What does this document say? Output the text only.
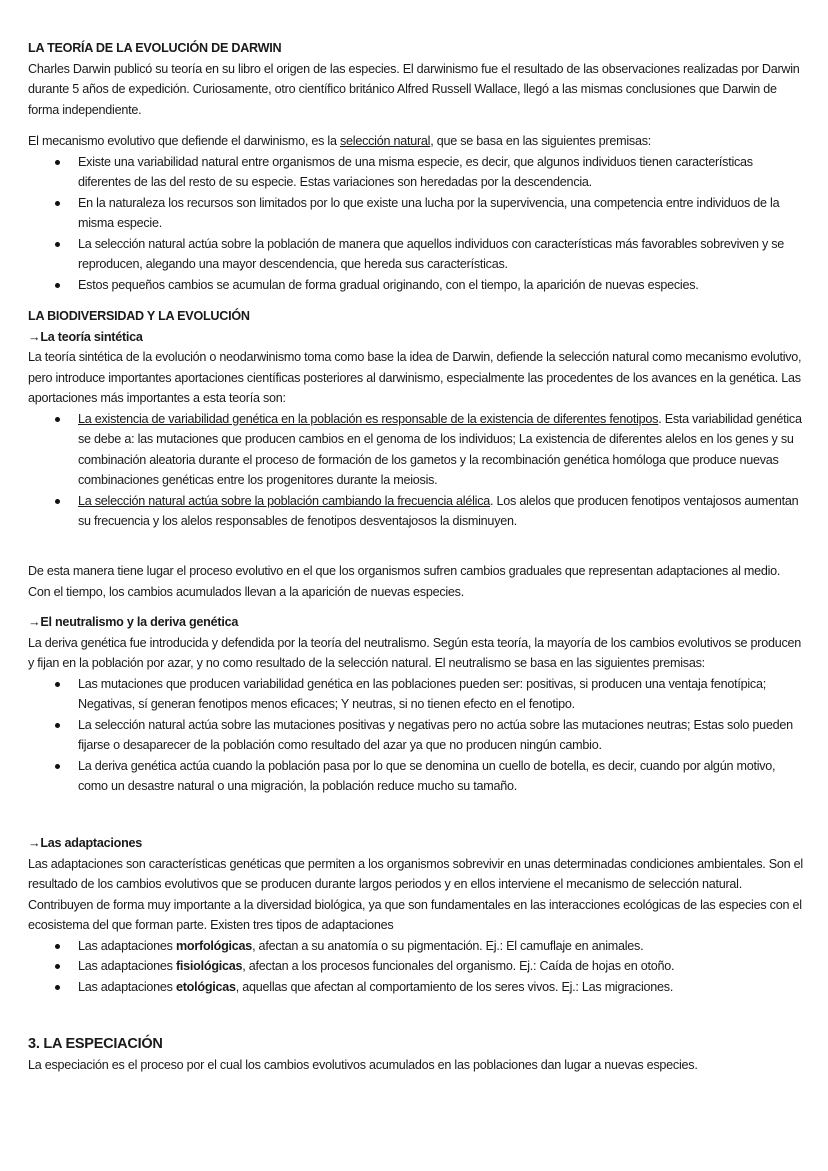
LA TEORÍA DE LA EVOLUCIÓN DE DARWIN

Charles Darwin publicó su teoría en su libro el origen de las especies. El darwinismo fue el resultado de las observaciones realizadas por Darwin durante 5 años de expedición. Curiosamente, otro científico británico Alfred Russell Wallace, llegó a las mismas conclusiones que Darwin de forma independiente.

El mecanismo evolutivo que defiende el darwinismo, es la selección natural, que se basa en las siguientes premisas:

Existe una variabilidad natural entre organismos de una misma especie, es decir, que algunos individuos tienen características diferentes de las del resto de su especie. Estas variaciones son heredadas por la descendencia.
En la naturaleza los recursos son limitados por lo que existe una lucha por la supervivencia, una competencia entre individuos de la misma especie.
La selección natural actúa sobre la población de manera que aquellos individuos con características más favorables sobreviven y se reproducen, alegando una mayor descendencia, que hereda sus características.
Estos pequeños cambios se acumulan de forma gradual originando, con el tiempo, la aparición de nuevas especies.

LA BIODIVERSIDAD Y LA EVOLUCIÓN

→La teoría sintética

La teoría sintética de la evolución o neodarwinismo toma como base la idea de Darwin, defiende la selección natural como mecanismo evolutivo, pero introduce importantes aportaciones científicas posteriores al darwinismo, especialmente las procedentes de los avances en la genética. Las aportaciones más importantes a esta teoría son:

La existencia de variabilidad genética en la población es responsable de la existencia de diferentes fenotipos. Esta variabilidad genética se debe a: las mutaciones que producen cambios en el genoma de los individuos; La existencia de diferentes alelos en los genes y su combinación aleatoria durante el proceso de formación de los gametos y la recombinación genética homóloga que produce nuevas combinaciones genéticas entre los progenitores durante la meiosis.
La selección natural actúa sobre la población cambiando la frecuencia alélica. Los alelos que producen fenotipos ventajosos aumentan su frecuencia y los alelos responsables de fenotipos desventajosos la disminuyen.

De esta manera tiene lugar el proceso evolutivo en el que los organismos sufren cambios graduales que representan adaptaciones al medio. Con el tiempo, los cambios acumulados llevan a la aparición de nuevas especies.

→El neutralismo y la deriva genética

La deriva genética fue introducida y defendida por la teoría del neutralismo. Según esta teoría, la mayoría de los cambios evolutivos se producen y fijan en la población por azar, y no como resultado de la selección natural. El neutralismo se basa en las siguientes premisas:

Las mutaciones que producen variabilidad genética en las poblaciones pueden ser: positivas, si producen una ventaja fenotípica; Negativas, sí generan fenotipos menos eficaces; Y neutras, si no tienen efecto en el fenotipo.
La selección natural actúa sobre las mutaciones positivas y negativas pero no actúa sobre las mutaciones neutras; Estas solo pueden fijarse o desaparecer de la población como resultado del azar ya que no producen ningún cambio.
La deriva genética actúa cuando la población pasa por lo que se denomina un cuello de botella, es decir, cuando por algún motivo, como un desastre natural o una migración, la población reduce mucho su tamaño.

→Las adaptaciones

Las adaptaciones son características genéticas que permiten a los organismos sobrevivir en unas determinadas condiciones ambientales. Son el resultado de los cambios evolutivos que se producen durante largos periodos y en ellos interviene el mecanismo de selección natural. Contribuyen de forma muy importante a la diversidad biológica, ya que son fundamentales en las interacciones ecológicas de las especies con el ecosistema del que forman parte. Existen tres tipos de adaptaciones

Las adaptaciones morfológicas, afectan a su anatomía o su pigmentación. Ej.: El camuflaje en animales.
Las adaptaciones fisiológicas, afectan a los procesos funcionales del organismo. Ej.: Caída de hojas en otoño.
Las adaptaciones etológicas, aquellas que afectan al comportamiento de los seres vivos. Ej.: Las migraciones.

3. LA ESPECIACIÓN

La especiación es el proceso por el cual los cambios evolutivos acumulados en las poblaciones dan lugar a nuevas especies.
